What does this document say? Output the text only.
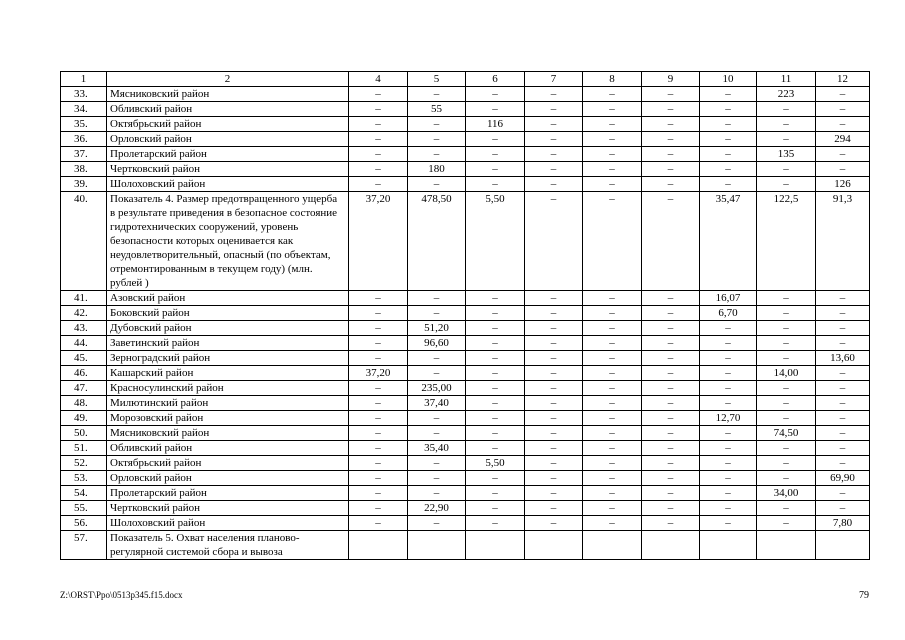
1	2	4	5	6	7	8	9	10	11	12
33.	Мясниковский район	–	–	–	–	–	–	–	223	–
34.	Обливский район	–	55	–	–	–	–	–	–	–
35.	Октябрьский район	–	–	116	–	–	–	–	–	–
36.	Орловский район	–	–	–	–	–	–	–	–	294
37.	Пролетарский район	–	–	–	–	–	–	–	135	–
38.	Чертковский район	–	180	–	–	–	–	–	–	–
39.	Шолоховский район	–	–	–	–	–	–	–	–	126
40.	Показатель 4. Размер предотвращенного ущерба в результате приведения в безопасное состояние гидротехнических сооружений, уровень безопасности которых оценивается как неудовлетворительный, опасный (по объектам, отремонтированным в текущем году) (млн. рублей )	37,20	478,50	5,50	–	–	–	35,47	122,5	91,3
41.	Азовский район	–	–	–	–	–	–	16,07	–	–
42.	Боковский район	–	–	–	–	–	–	6,70	–	–
43.	Дубовский район	–	51,20	–	–	–	–	–	–	–
44.	Заветинский район	–	96,60	–	–	–	–	–	–	–
45.	Зерноградский район	–	–	–	–	–	–	–	–	13,60
46.	Кашарский район	37,20	–	–	–	–	–	–	14,00	–
47.	Красносулинский район	–	235,00	–	–	–	–	–	–	–
48.	Милютинский район	–	37,40	–	–	–	–	–	–	–
49.	Морозовский район	–	–	–	–	–	–	12,70	–	–
50.	Мясниковский район	–	–	–	–	–	–	–	74,50	–
51.	Обливский район	–	35,40	–	–	–	–	–	–	–
52.	Октябрьский район	–	–	5,50	–	–	–	–	–	–
53.	Орловский район	–	–	–	–	–	–	–	–	69,90
54.	Пролетарский район	–	–	–	–	–	–	–	34,00	–
55.	Чертковский район	–	22,90	–	–	–	–	–	–	–
56.	Шолоховский район	–	–	–	–	–	–	–	–	7,80
57.	Показатель 5. Охват населения планово-регулярной системой сбора и вывоза									
Z:\ORST\Ppo\0513p345.f15.docx	79
